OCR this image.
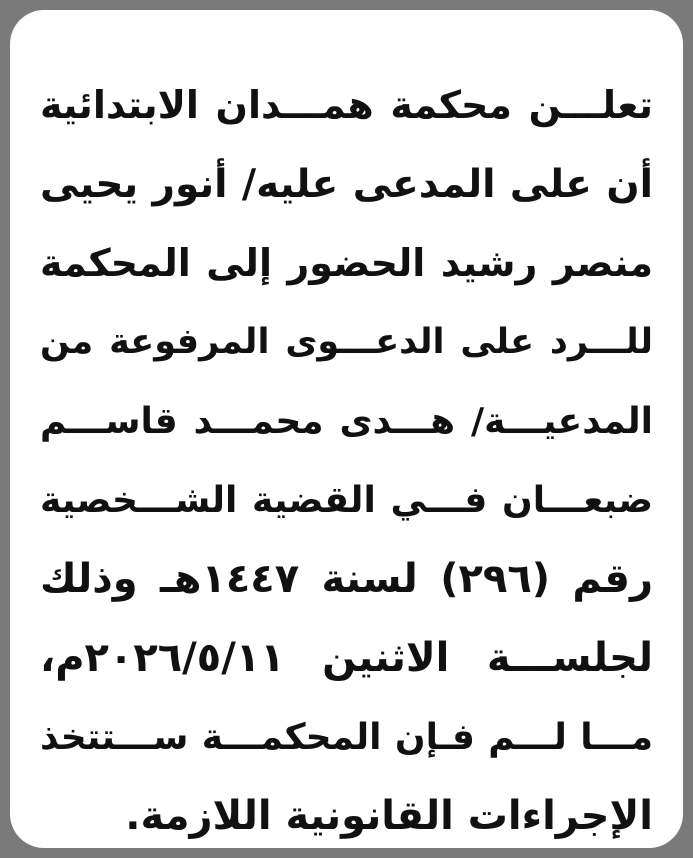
تعلـــن محكمة همـــدان الابتدائية
أن على المدعى عليه/ أنور يحيى
منصر رشيد الحضور إلى المحكمة
للـــرد على الدعـــوى المرفوعة من
المدعيـــة/ هـــدى محمـــد قاســـم
ضبعـــان فـــي القضية الشـــخصية
رقم (٢٩٦) لسنة ١٤٤٧هـ وذلك
لجلســـة الاثنين ٢٠٢٦/٥/١١م،
مـــا لـــم فـإن المحكمـــة ســـتتخذ
الإجراءات القانونية اللازمة.
